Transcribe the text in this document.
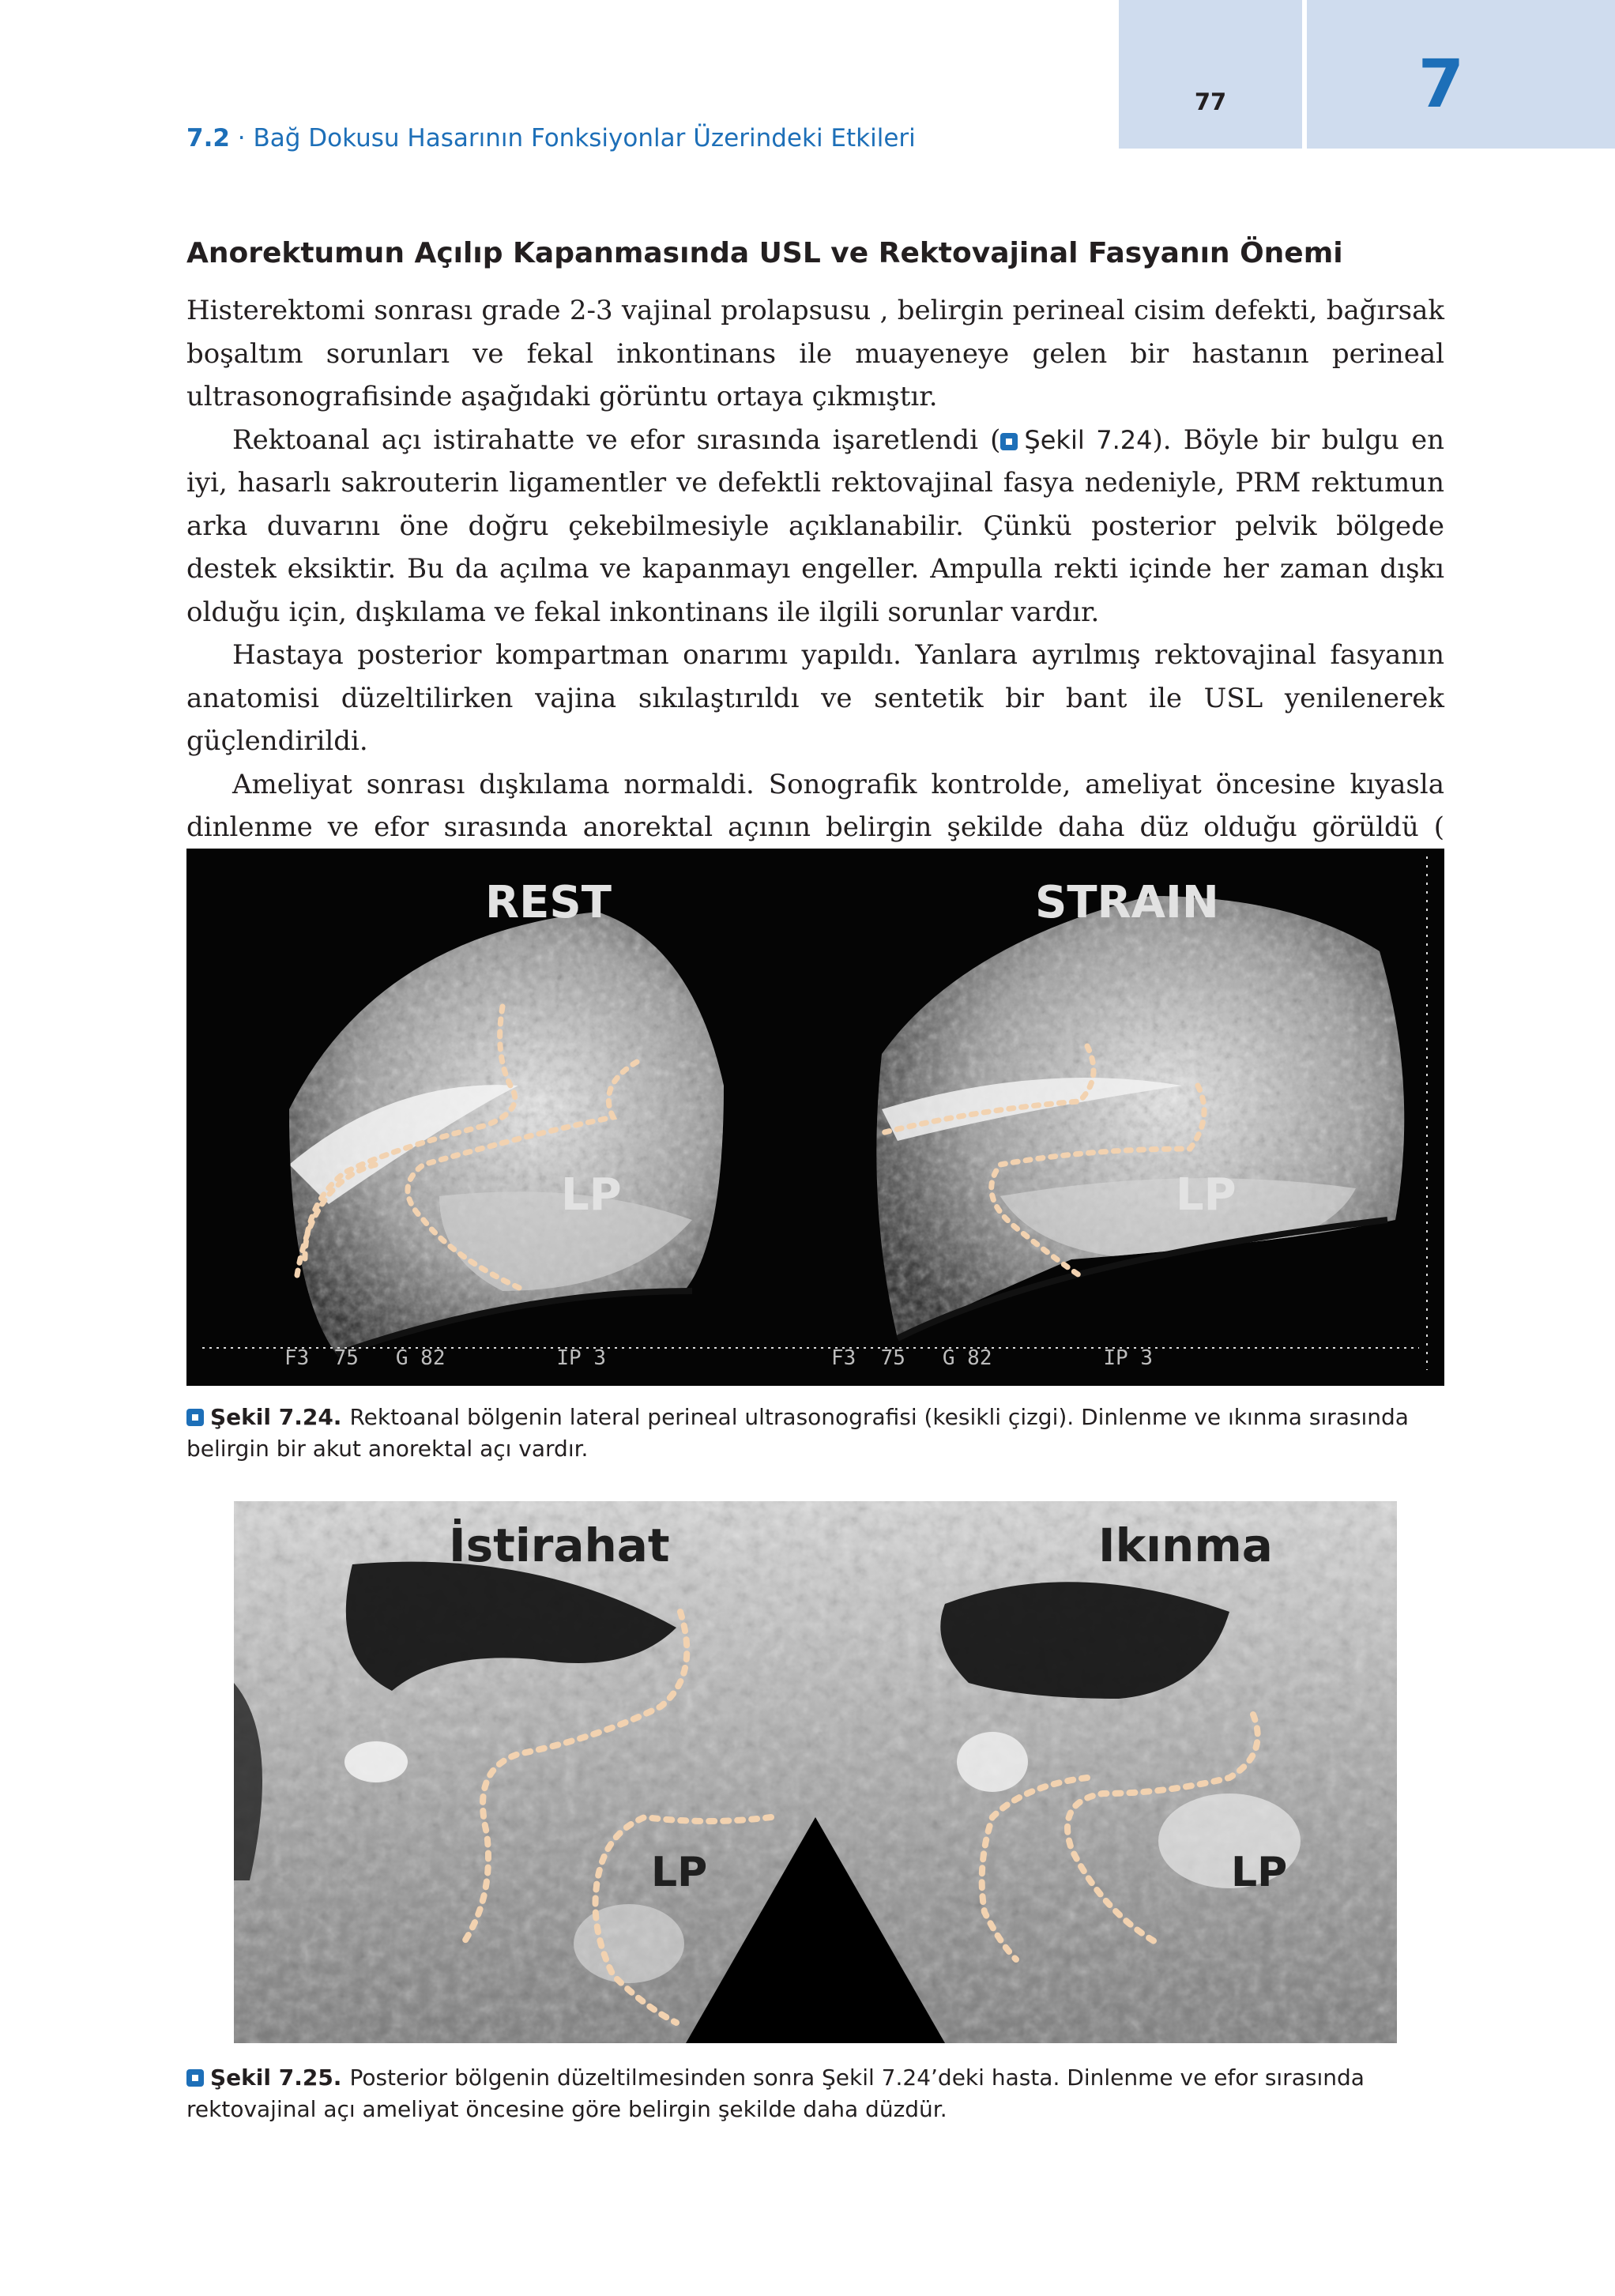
77	7
7.2 · Bağ Dokusu Hasarının Fonksiyonlar Üzerindeki Etkileri
Anorektumun Açılıp Kapanmasında USL ve Rektovajinal Fasyanın Önemi

Histerektomi sonrası grade 2-3 vajinal prolapsusu , belirgin perineal cisim defekti, bağırsak boşaltım sorunları ve fekal inkontinans ile muayeneye gelen bir hastanın perineal ultrasonografisinde aşağıdaki görüntu ortaya çıkmıştır.

Rektoanal açı istirahatte ve efor sırasında işaretlendi ( Şekil 7.24). Böyle bir bulgu en iyi, hasarlı sakrouterin ligamentler ve defektli rektovajinal fasya nedeniyle, PRM rektumun arka duvarını öne doğru çekebilmesiyle açıklanabilir. Çünkü posterior pelvik bölgede destek eksiktir. Bu da açılma ve kapanmayı engeller. Ampulla rekti içinde her zaman dışkı olduğu için, dışkılama ve fekal inkontinans ile ilgili sorunlar vardır.

Hastaya posterior kompartman onarımı yapıldı. Yanlara ayrılmış rektovajinal fasyanın anatomisi düzeltilirken vajina sıkılaştırıldı ve sentetik bir bant ile USL yenilenerek güçlendirildi.

Ameliyat sonrası dışkılama normaldi. Sonografik kontrolde, ameliyat öncesine kıyasla dinlenme ve efor sırasında anorektal açının belirgin şekilde daha düz olduğu görüldü (

REST	STRAIN
LP	LP
F3  75   G 82         IP 3	F3  75   G 82         IP 3
Şekil 7.24. Rektoanal bölgenin lateral perineal ultrasonografisi (kesikli çizgi). Dinlenme ve ıkınma sırasında belirgin bir akut anorektal açı vardır.
İstirahat	Ikınma
LP	LP
Şekil 7.25. Posterior bölgenin düzeltilmesinden sonra Şekil 7.24’deki hasta. Dinlenme ve efor sırasında rektovajinal açı ameliyat öncesine göre belirgin şekilde daha düzdür.
